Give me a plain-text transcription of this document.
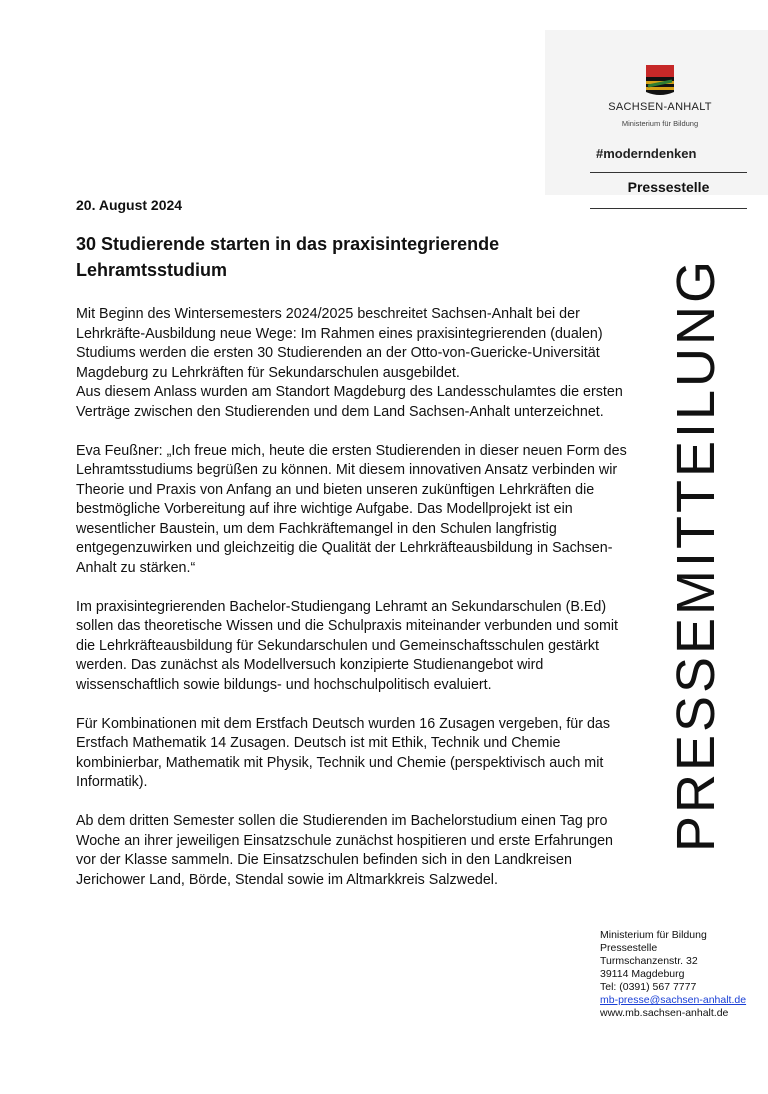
SACHSEN-ANHALT
Ministerium für Bildung
#moderndenken
Pressestelle
PRESSEMITTEILUNG
20. August 2024
30 Studierende starten in das praxisintegrierende Lehramtsstudium
Mit Beginn des Wintersemesters 2024/2025 beschreitet Sachsen-Anhalt bei der Lehrkräfte-Ausbildung neue Wege: Im Rahmen eines praxisintegrierenden (dualen) Studiums werden die ersten 30 Studierenden an der Otto-von-Guericke-Universität Magdeburg zu Lehrkräften für Sekundarschulen ausgebildet.

Aus diesem Anlass wurden am Standort Magdeburg des Landesschulamtes die ersten Verträge zwischen den Studierenden und dem Land Sachsen-Anhalt unterzeichnet.

Eva Feußner: „Ich freue mich, heute die ersten Studierenden in dieser neuen Form des Lehramtsstudiums begrüßen zu können. Mit diesem innovativen Ansatz verbinden wir Theorie und Praxis von Anfang an und bieten unseren zukünftigen Lehrkräften die bestmögliche Vorbereitung auf ihre wichtige Aufgabe. Das Modellprojekt ist ein wesentlicher Baustein, um dem Fachkräftemangel in den Schulen langfristig entgegenzuwirken und gleichzeitig die Qualität der Lehrkräfteausbildung in Sachsen-Anhalt zu stärken.“

Im praxisintegrierenden Bachelor-Studiengang Lehramt an Sekundarschulen (B.Ed) sollen das theoretische Wissen und die Schulpraxis miteinander verbunden und somit die Lehrkräfteausbildung für Sekundarschulen und Gemeinschaftsschulen gestärkt werden. Das zunächst als Modellversuch konzipierte Studienangebot wird wissenschaftlich sowie bildungs- und hochschulpolitisch evaluiert.

Für Kombinationen mit dem Erstfach Deutsch wurden 16 Zusagen vergeben, für das Erstfach Mathematik 14 Zusagen. Deutsch ist mit Ethik, Technik und Chemie kombinierbar, Mathematik mit Physik, Technik und Chemie (perspektivisch auch mit Informatik).

Ab dem dritten Semester sollen die Studierenden im Bachelorstudium einen Tag pro Woche an ihrer jeweiligen Einsatzschule zunächst hospitieren und erste Erfahrungen vor der Klasse sammeln. Die Einsatzschulen befinden sich in den Landkreisen Jerichower Land, Börde, Stendal sowie im Altmarkkreis Salzwedel.

Ministerium für Bildung
Pressestelle
Turmschanzenstr. 32
39114 Magdeburg
Tel: (0391) 567 7777
mb-presse@sachsen-anhalt.de
www.mb.sachsen-anhalt.de
